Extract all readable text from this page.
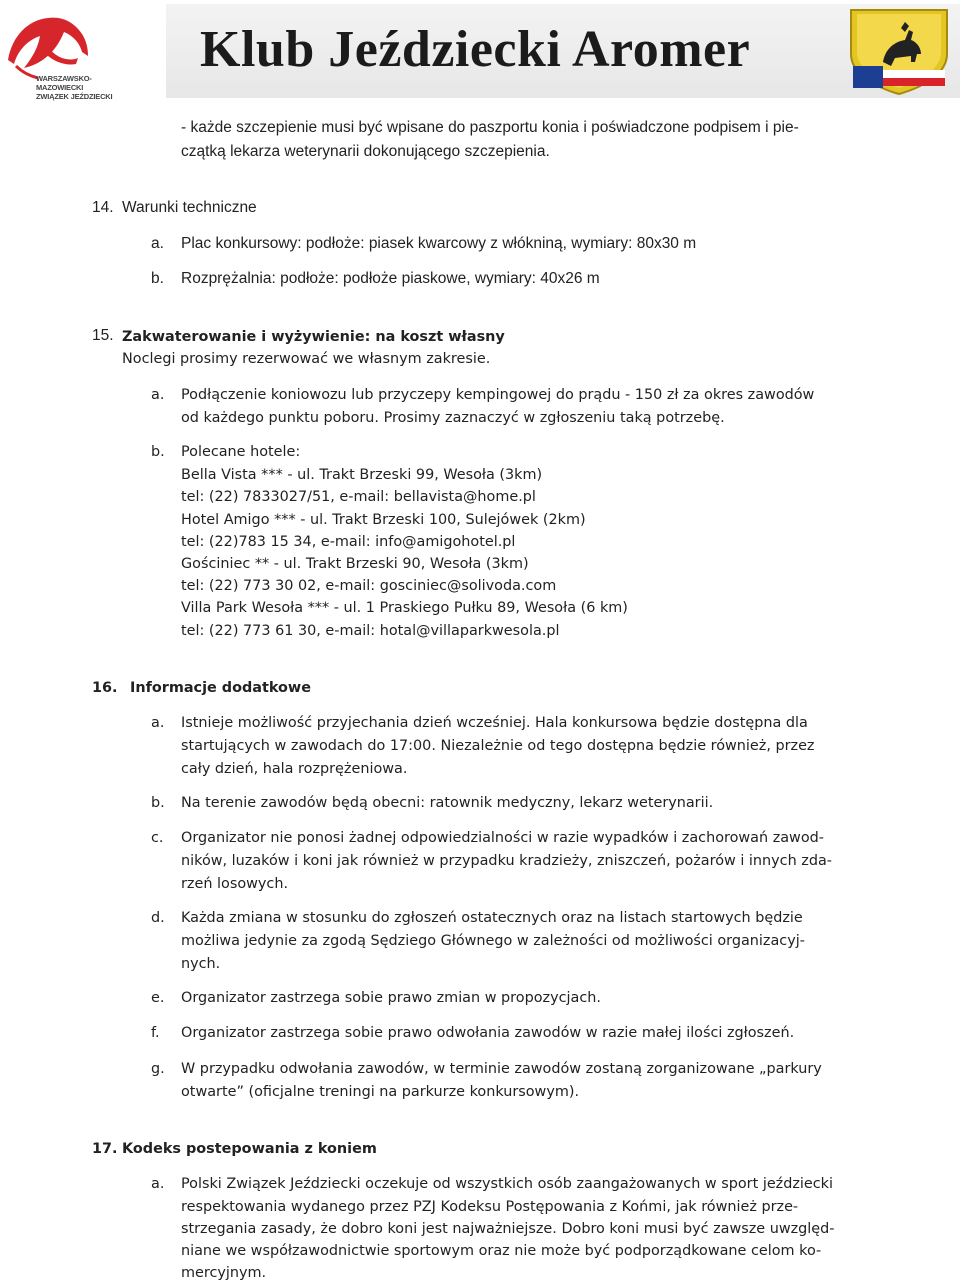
WARSZAWSKO-MAZOWIECKI
ZWIĄZEK JEŹDZIECKI
Klub Jeździecki Aromer
- każde szczepienie musi być wpisane do paszportu konia i poświadczone podpisem i pie-
czątką lekarza weterynarii dokonującego szczepienia.
14. Warunki techniczne
a. Plac konkursowy: podłoże: piasek kwarcowy z włókniną, wymiary: 80x30 m
b. Rozprężalnia: podłoże: podłoże piaskowe, wymiary: 40x26 m
15. Zakwaterowanie i wyżywienie: na koszt własny
Noclegi prosimy rezerwować we własnym zakresie.
a. Podłączenie koniowozu lub przyczepy kempingowej do prądu - 150 zł za okres zawodów
od każdego punktu poboru. Prosimy zaznaczyć w zgłoszeniu taką potrzebę.
b. Polecane hotele:
Bella Vista *** - ul. Trakt Brzeski 99, Wesoła (3km)
tel: (22) 7833027/51, e-mail: bellavista@home.pl
Hotel Amigo *** - ul. Trakt Brzeski 100, Sulejówek (2km)
tel: (22)783 15 34, e-mail: info@amigohotel.pl
Gościniec ** - ul. Trakt Brzeski 90, Wesoła (3km)
tel: (22) 773 30 02, e-mail: gosciniec@solivoda.com
Villa Park Wesoła *** - ul. 1 Praskiego Pułku 89, Wesoła (6 km)
tel: (22) 773 61 30, e-mail: hotal@villaparkwesola.pl
16. Informacje dodatkowe
a. Istnieje możliwość przyjechania dzień wcześniej. Hala konkursowa będzie dostępna dla
startujących w zawodach do 17:00. Niezależnie od tego dostępna będzie również, przez
cały dzień, hala rozprężeniowa.
b. Na terenie zawodów będą obecni: ratownik medyczny, lekarz weterynarii.
c. Organizator nie ponosi żadnej odpowiedzialności w razie wypadków i zachorowań zawod-
ników, luzaków i koni jak również w przypadku kradzieży, zniszczeń, pożarów i innych zda-
rzeń losowych.
d. Każda zmiana w stosunku do zgłoszeń ostatecznych oraz na listach startowych będzie
możliwa jedynie za zgodą Sędziego Głównego w zależności od możliwości organizacyj-
nych.
e. Organizator zastrzega sobie prawo zmian w propozycjach.
f. Organizator zastrzega sobie prawo odwołania zawodów w razie małej ilości zgłoszeń.
g. W przypadku odwołania zawodów, w terminie zawodów zostaną zorganizowane „parkury
otwarte” (oficjalne treningi na parkurze konkursowym).
17. Kodeks postepowania z koniem
a. Polski Związek Jeździecki oczekuje od wszystkich osób zaangażowanych w sport jeździecki
respektowania wydanego przez PZJ Kodeksu Postępowania z Końmi, jak również prze-
strzegania zasady, że dobro koni jest najważniejsze. Dobro koni musi być zawsze uwzględ-
niane we współzawodnictwie sportowym oraz nie może być podporządkowane celom ko-
mercyjnym.
